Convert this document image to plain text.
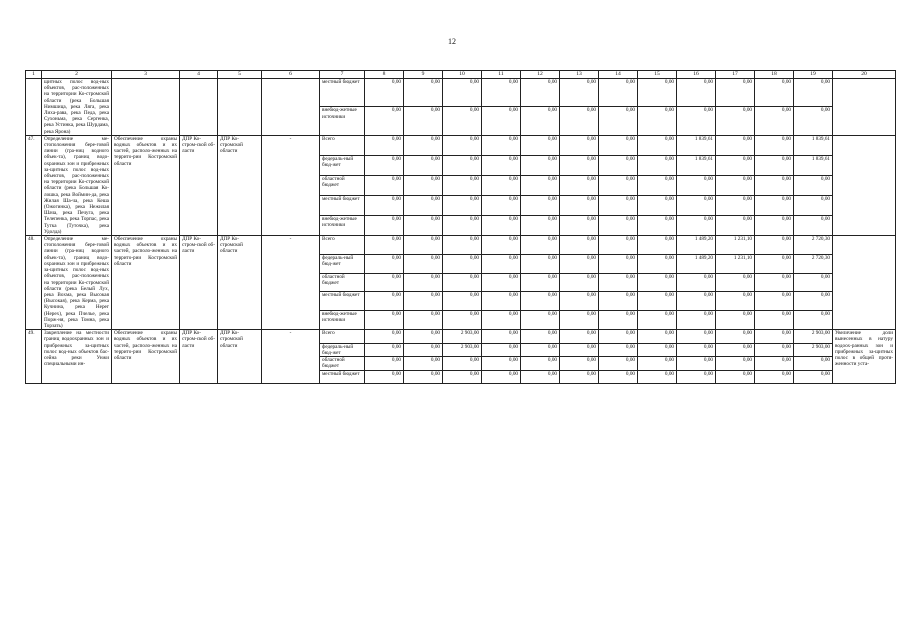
12
1	2	3	4	5	6	7	8	9	10	11	12	13	14	15	16	17	18	19	20
	щитных полос вод-ных объектов, рас-положенных на территории Ко-стромской области (река Большая Нимшица, река Ляга, река Лиха-рава, река Педа, река Сухоньма, река Сергенка, река Устинка, река Шурдама, река Ярона)					местный бюджет	0,00	0,00	0,00	0,00	0,00	0,00	0,00	0,00	0,00	0,00	0,00	0,00	
						внебюд-жетные источники	0,00	0,00	0,00	0,00	0,00	0,00	0,00	0,00	0,00	0,00	0,00	0,00	
47.	Определение ме-стоположения бере-говой линии (гра-ниц водного объек-та), границ водо-охранных зон и прибрежных за-щитных полос вод-ных объектов, рас-положенных на территории Ко-стромской области (река Большая Ко-лошка, река Воймин-да, река Жилая Ша-ча, река Кеша (Ожогинка), река Нежилая Шача, река Печуга, река Телепенка, река Торпас, река Тутка (Туточка), река Удолда)	Обеспечение охраны водных объектов и их частей, располо-женных на террито-рии Костромской области	ДПР Ко-стром-ской об-ласти	ДПР Ко-стромской области	-	Всего	0,00	0,00	0,00	0,00	0,00	0,00	0,00	0,00	1 839,61	0,00	0,00	1 839,61	
						федераль-ный бюд-жет	0,00	0,00	0,00	0,00	0,00	0,00	0,00	0,00	1 839,61	0,00	0,00	1 839,61	
						областной бюджет	0,00	0,00	0,00	0,00	0,00	0,00	0,00	0,00	0,00	0,00	0,00	0,00	
						местный бюджет	0,00	0,00	0,00	0,00	0,00	0,00	0,00	0,00	0,00	0,00	0,00	0,00	
						внебюд-жетные источники	0,00	0,00	0,00	0,00	0,00	0,00	0,00	0,00	0,00	0,00	0,00	0,00	
48.	Определение ме-стоположения бере-говой линии (гра-ниц водного объек-та), границ водо-охранных зон и прибрежных за-щитных полос вод-ных объектов, рас-положенных на территории Ко-стромской области (река Белый Лух, река Вохма, река Высокая (Высокая), река Керма, река Кучнина, река Нерег (Нерех), река Пчелье, река Порж-ня, река Томна, река Торзать)	Обеспечение охраны водных объектов и их частей, располо-женных на террито-рии Костромской области	ДПР Ко-стром-ской об-ласти	ДПР Ко-стромской области	-	Всего	0,00	0,00	0,00	0,00	0,00	0,00	0,00	0,00	1 489,20	1 231,10	0,00	2 720,30	
						федераль-ный бюд-жет	0,00	0,00	0,00	0,00	0,00	0,00	0,00	0,00	1 489,20	1 231,10	0,00	2 720,30	
						областной бюджет	0,00	0,00	0,00	0,00	0,00	0,00	0,00	0,00	0,00	0,00	0,00	0,00	
						местный бюджет	0,00	0,00	0,00	0,00	0,00	0,00	0,00	0,00	0,00	0,00	0,00	0,00	
						внебюд-жетные источники	0,00	0,00	0,00	0,00	0,00	0,00	0,00	0,00	0,00	0,00	0,00	0,00	
49.	Закрепление на местности границ водоохранных зон и прибрежных за-щитных полос вод-ных объектов бас-сейна реки Унжи специальными ин-	Обеспечение охраны водных объектов и их частей, располо-женных на террито-рии Костромской области	ДПР Ко-стром-ской об-ласти	ДПР Ко-стромской области	-	Всего	0,00	0,00	2 903,00	0,00	0,00	0,00	0,00	0,00	0,00	0,00	0,00	2 903,00	Увеличение доли вынесенных в натуру водоох-ранных зон и прибрежных за-щитных полос в общей протя-женности уста-
						федераль-ный бюд-жет	0,00	0,00	2 903,00	0,00	0,00	0,00	0,00	0,00	0,00	0,00	0,00	2 903,00	
						областной бюджет	0,00	0,00	0,00	0,00	0,00	0,00	0,00	0,00	0,00	0,00	0,00	0,00	
						местный бюджет	0,00	0,00	0,00	0,00	0,00	0,00	0,00	0,00	0,00	0,00	0,00	0,00	
